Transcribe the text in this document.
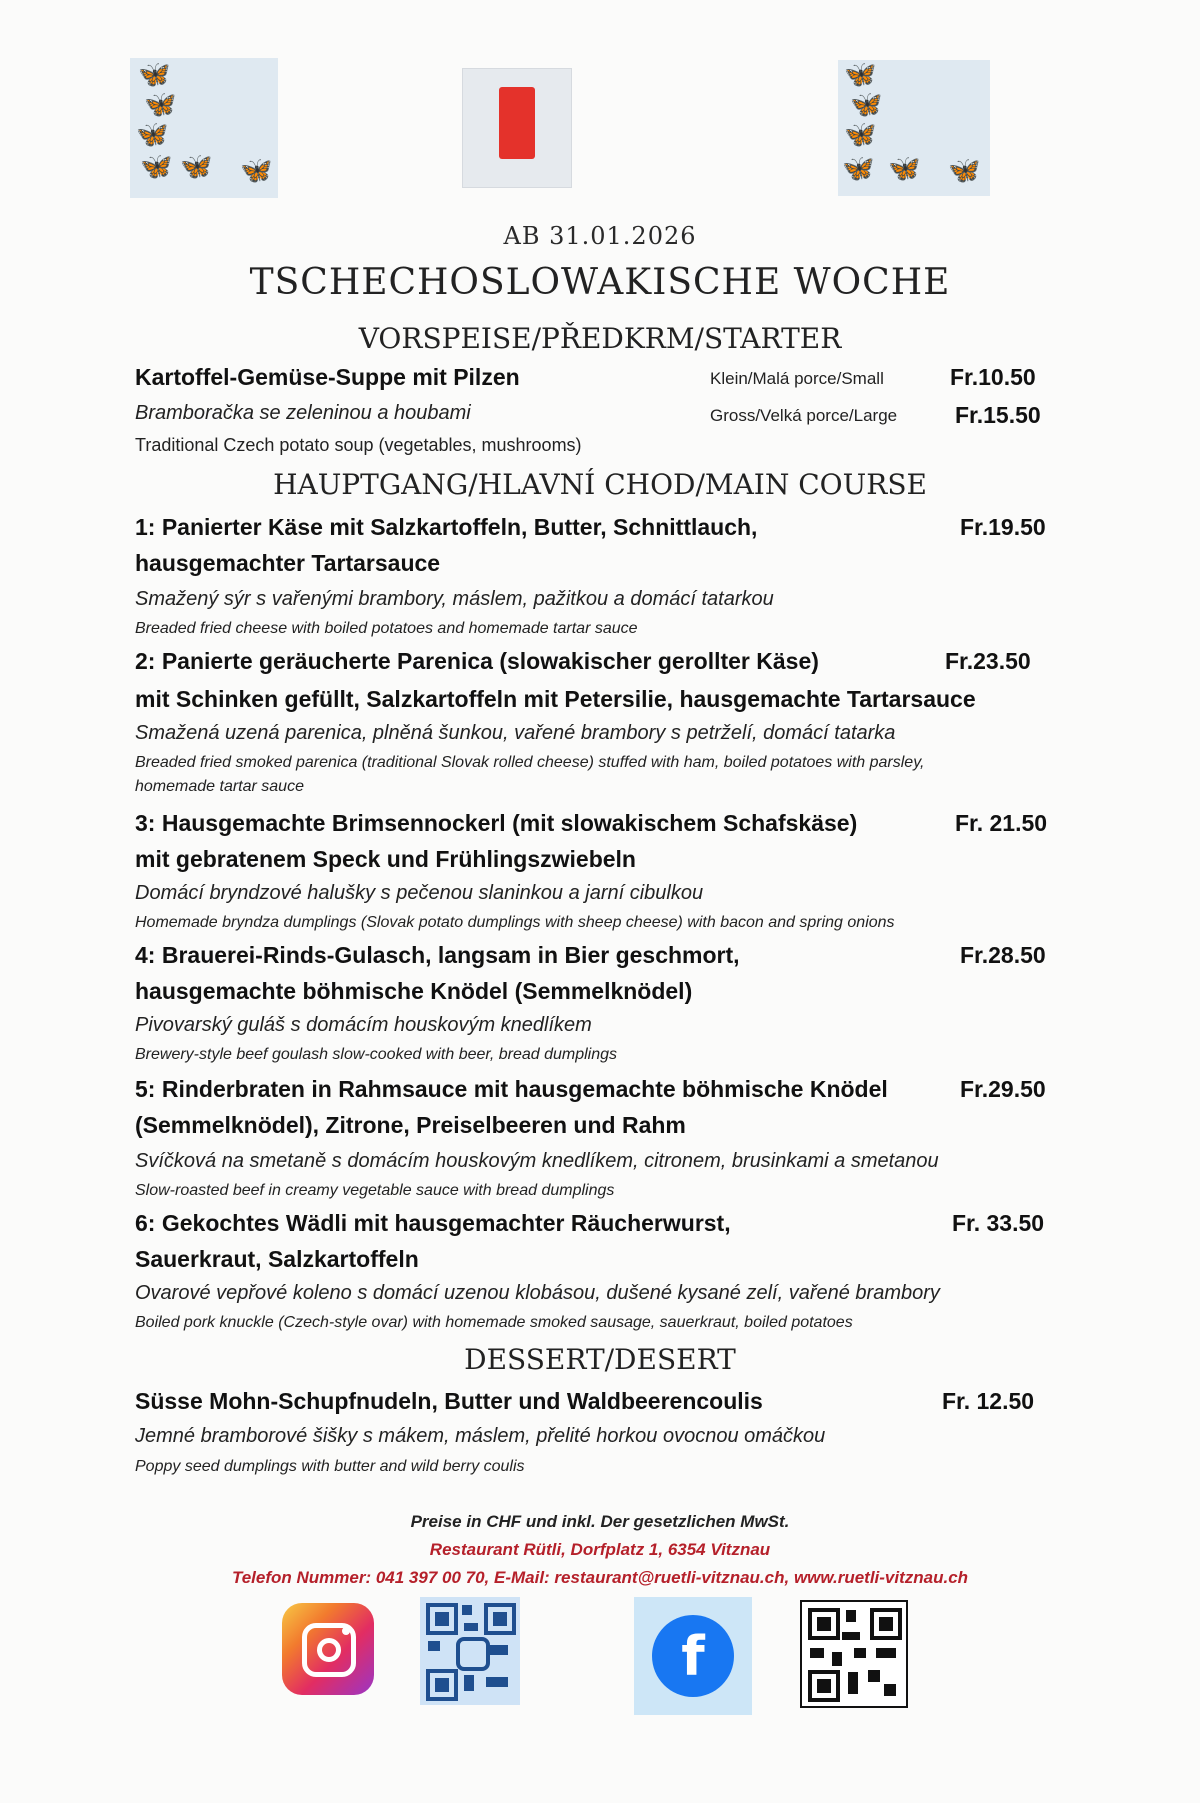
🦋
🦋
🦋
🦋 🦋 🦋
🦋
🦋
🦋
🦋 🦋 🦋
AB 31.01.2026
TSCHECHOSLOWAKISCHE WOCHE
VORSPEISE/PŘEDKRM/STARTER
Kartoffel-Gemüse-Suppe mit Pilzen	Klein/Malá porce/Small	Fr.10.50
Bramboračka se zeleninou a houbami	Gross/Velká porce/Large	Fr.15.50
Traditional Czech potato soup (vegetables, mushrooms)
HAUPTGANG/HLAVNÍ CHOD/MAIN COURSE
1: Panierter Käse mit Salzkartoffeln, Butter, Schnittlauch,	Fr.19.50
hausgemachter Tartarsauce
Smažený sýr s vařenými brambory, máslem, pažitkou a domácí tatarkou
Breaded fried cheese with boiled potatoes and homemade tartar sauce
2: Panierte geräucherte Parenica (slowakischer gerollter Käse)	Fr.23.50
mit Schinken gefüllt, Salzkartoffeln mit Petersilie, hausgemachte Tartarsauce
Smažená uzená parenica, plněná šunkou, vařené brambory s petrželí, domácí tatarka
Breaded fried smoked parenica (traditional Slovak rolled cheese) stuffed with ham, boiled potatoes with parsley,
homemade tartar sauce
3: Hausgemachte Brimsennockerl (mit slowakischem Schafskäse)	Fr. 21.50
mit gebratenem Speck und Frühlingszwiebeln
Domácí bryndzové halušky s pečenou slaninkou a jarní cibulkou
Homemade bryndza dumplings (Slovak potato dumplings with sheep cheese) with bacon and spring onions
4: Brauerei-Rinds-Gulasch, langsam in Bier geschmort,	Fr.28.50
hausgemachte böhmische Knödel (Semmelknödel)
Pivovarský guláš s domácím houskovým knedlíkem
Brewery-style beef goulash slow-cooked with beer, bread dumplings
5: Rinderbraten in Rahmsauce mit hausgemachte böhmische Knödel	Fr.29.50
(Semmelknödel), Zitrone, Preiselbeeren und Rahm
Svíčková na smetaně s domácím houskovým knedlíkem, citronem, brusinkami a smetanou
Slow-roasted beef in creamy vegetable sauce with bread dumplings
6: Gekochtes Wädli mit hausgemachter Räucherwurst,	Fr. 33.50
Sauerkraut, Salzkartoffeln
Ovarové vepřové koleno s domácí uzenou klobásou, dušené kysané zelí, vařené brambory
Boiled pork knuckle (Czech-style ovar) with homemade smoked sausage, sauerkraut, boiled potatoes
DESSERT/DESERT
Süsse Mohn-Schupfnudeln, Butter und Waldbeerencoulis	Fr. 12.50
Jemné bramborové šišky s mákem, máslem, přelité horkou ovocnou omáčkou
Poppy seed dumplings with butter and wild berry coulis
Preise in CHF und inkl. Der gesetzlichen MwSt.
Restaurant Rütli, Dorfplatz 1, 6354 Vitznau
Telefon Nummer: 041 397 00 70, E-Mail: restaurant@ruetli-vitznau.ch, www.ruetli-vitznau.ch
f
